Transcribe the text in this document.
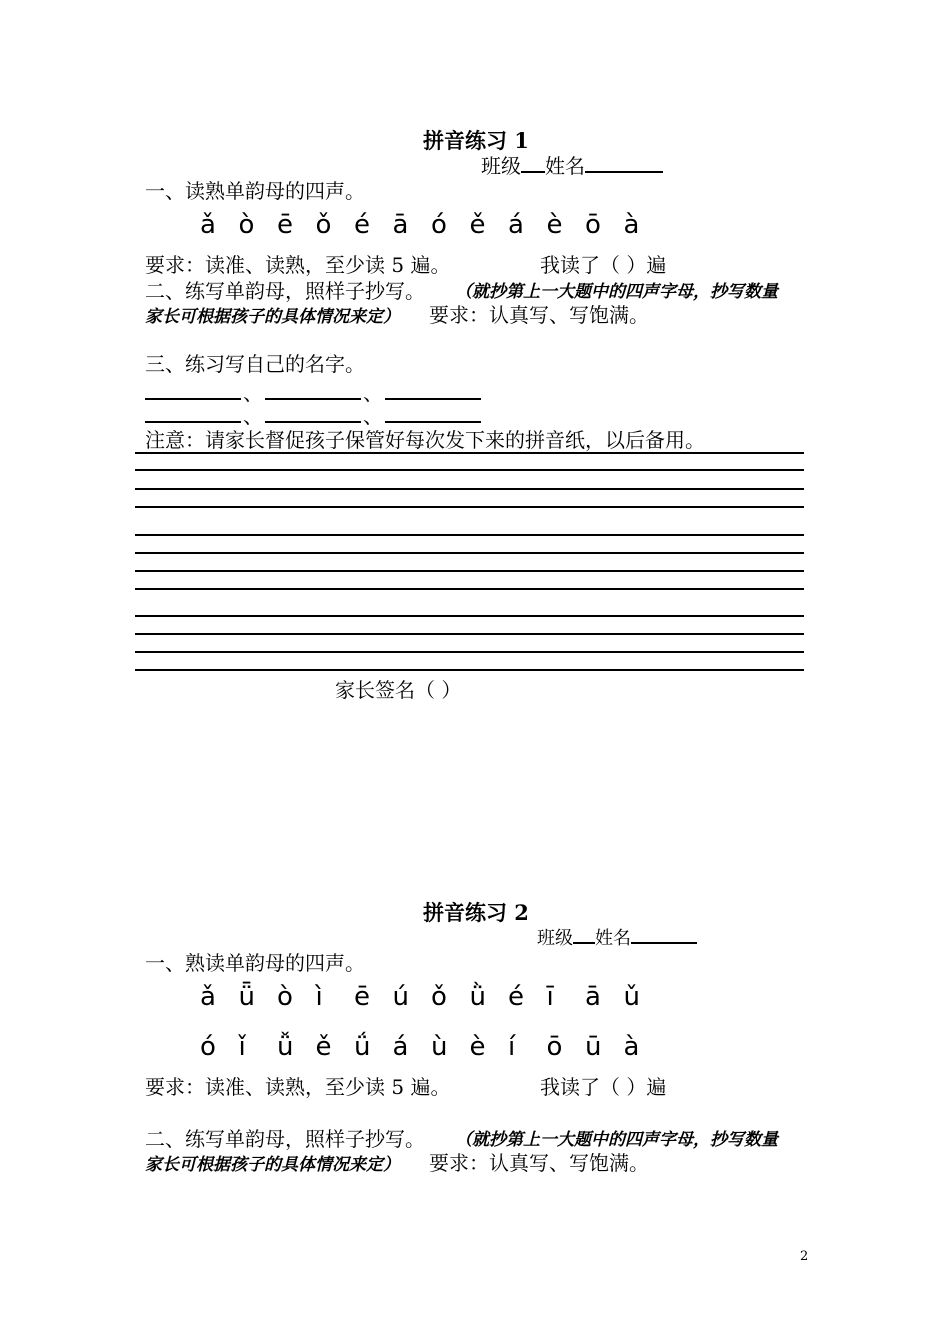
拼音练习 1
班级 姓名
一、读熟单韵母的四声。
ǎ ò ē ǒ é ā ó ě á è ō à
要求：读准、读熟，至少读 5 遍。	我读了（ ）遍
二、练写单韵母，照样子抄写。 （就抄第上一大题中的四声字母，抄写数量
家长可根据孩子的具体情况来定） 要求：认真写、写饱满。
三、练习写自己的名字。
、	、
、	、
注意：请家长督促孩子保管好每次发下来的拼音纸，以后备用。
家长签名（ ）
拼音练习 2
班级 姓名
一、熟读单韵母的四声。
ǎ ǖ ò ì	ē ú ǒ ǜ é ī	ā ǔ
ó ǐ	ǚ ě ǘ á ù è í	ō ū à
要求：读准、读熟，至少读 5 遍。	我读了（ ）遍
二、练写单韵母，照样子抄写。 （就抄第上一大题中的四声字母，抄写数量
家长可根据孩子的具体情况来定） 要求：认真写、写饱满。
2
